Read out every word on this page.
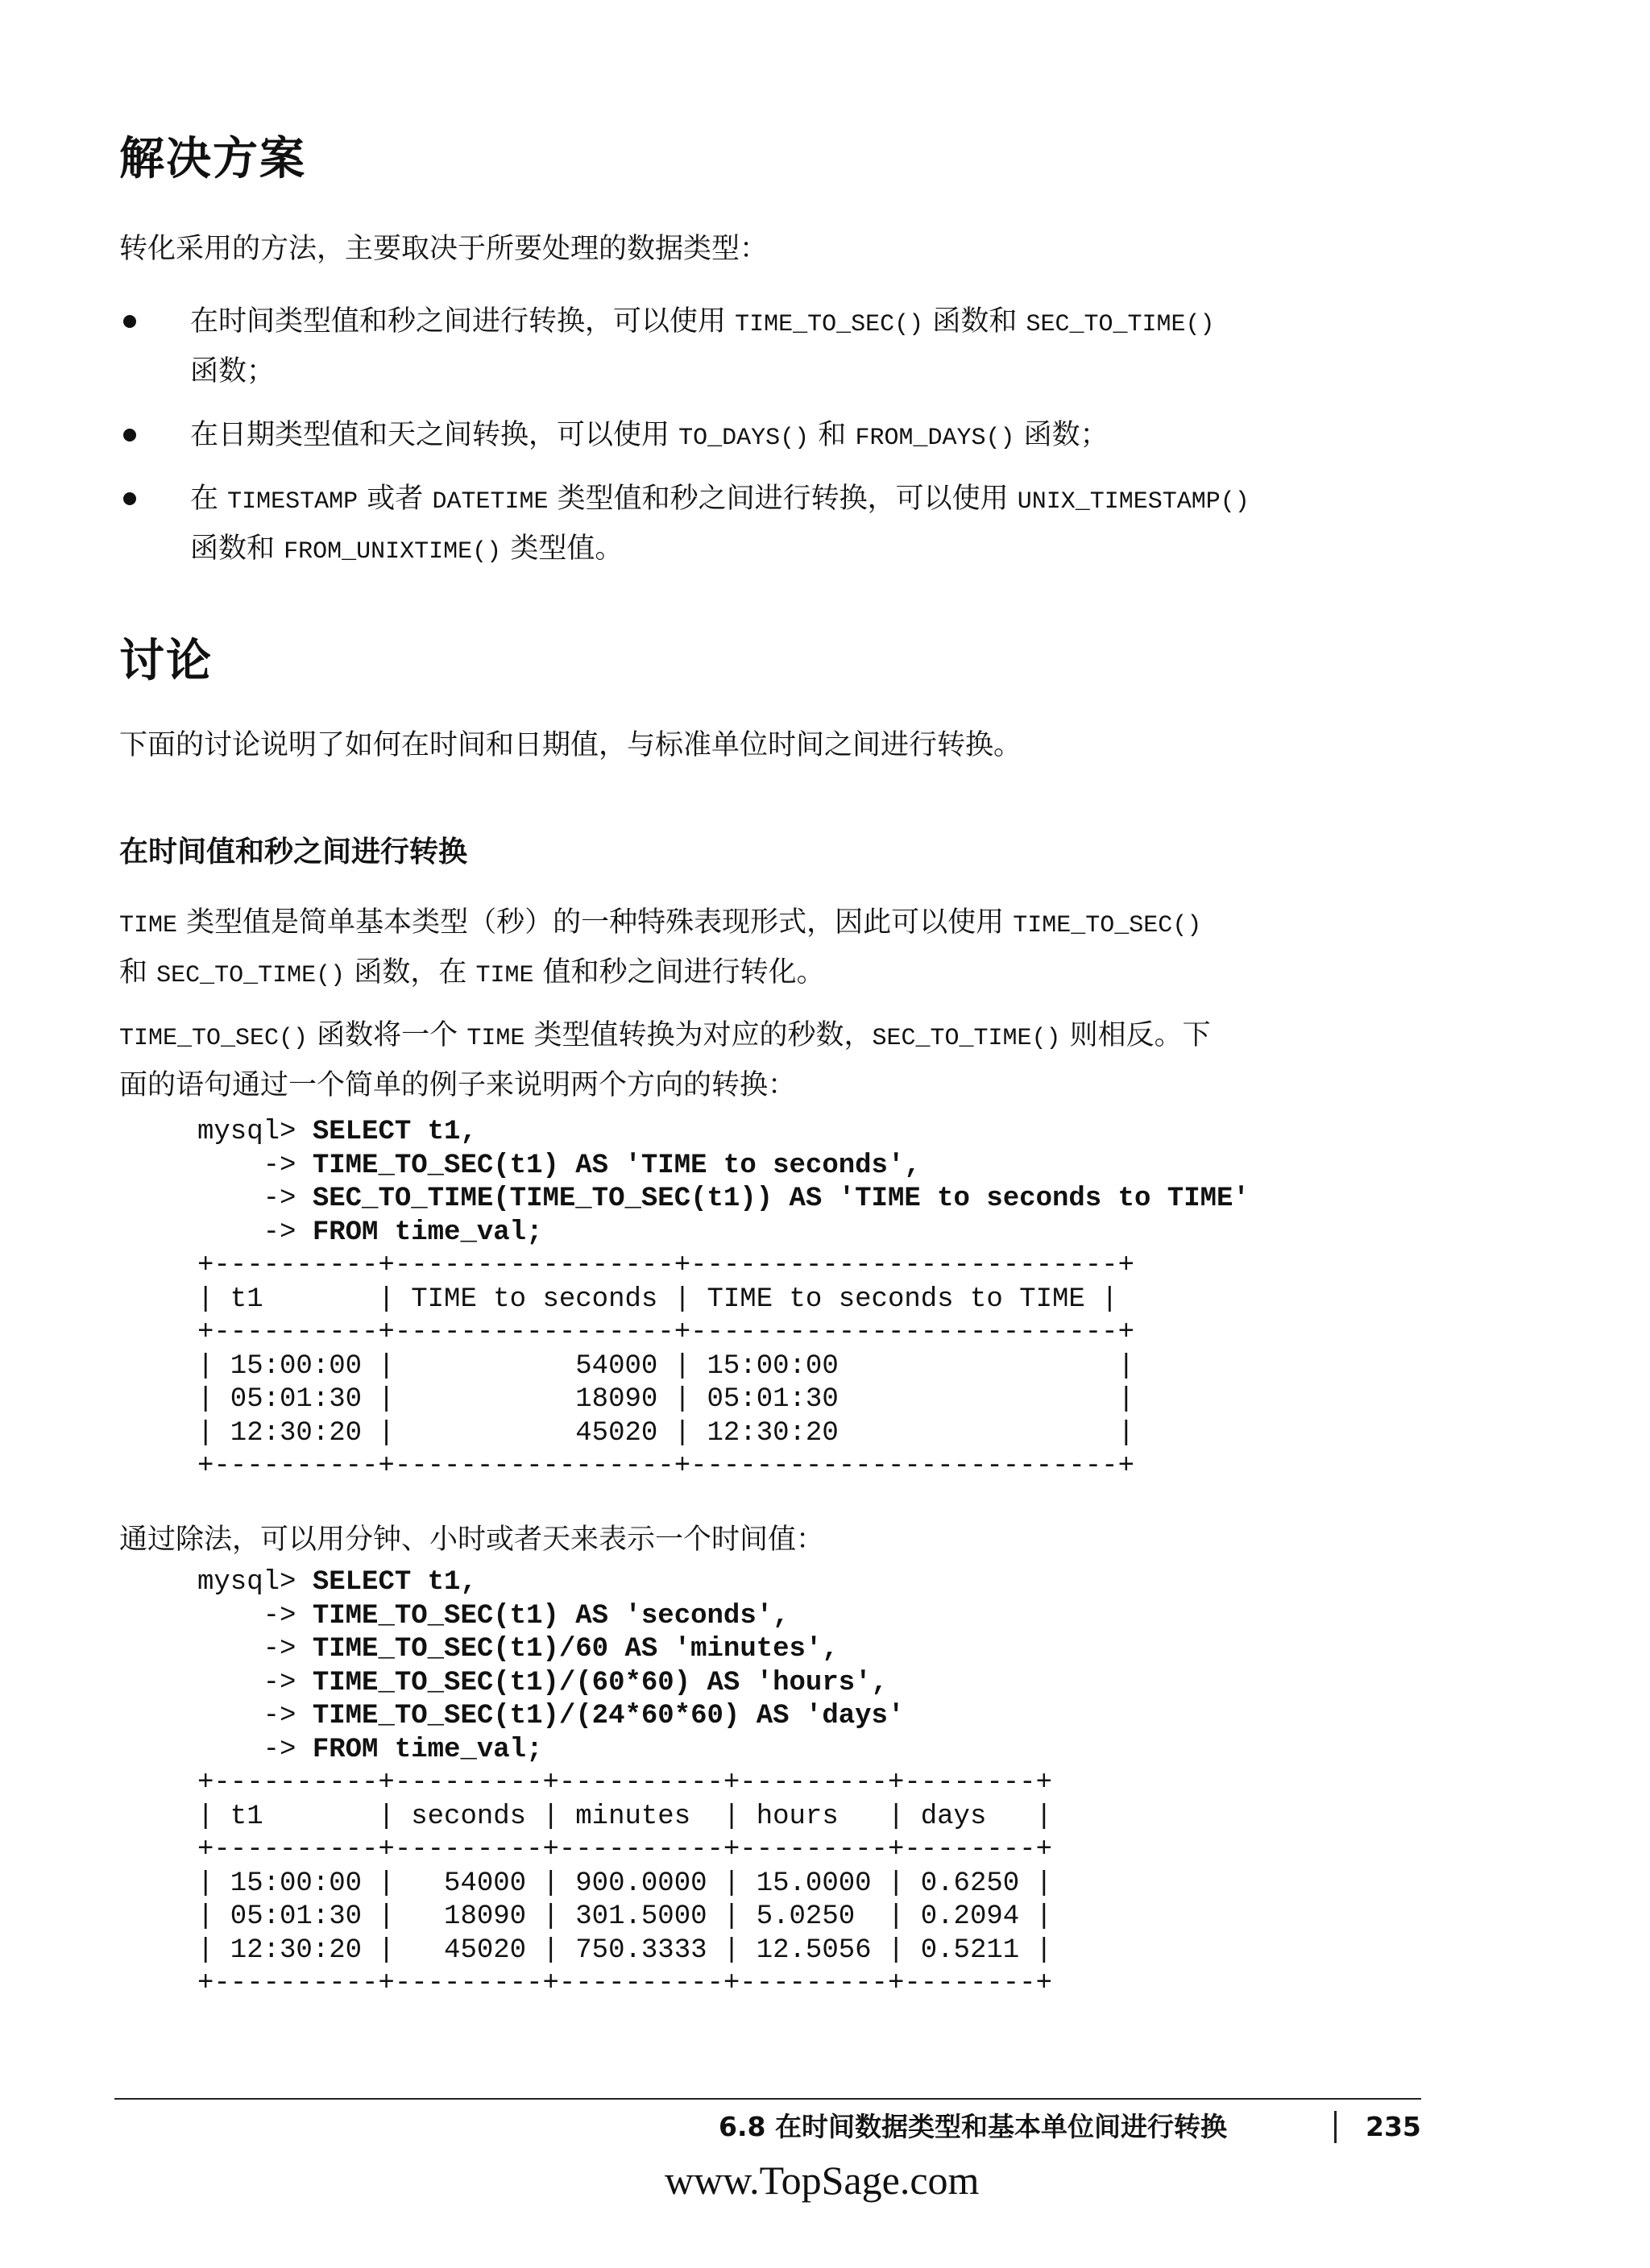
解决方案
转化采用的方法，主要取决于所要处理的数据类型：
在时间类型值和秒之间进行转换，可以使用 TIME_TO_SEC() 函数和 SEC_TO_TIME()
函数；
在日期类型值和天之间转换，可以使用 TO_DAYS() 和 FROM_DAYS() 函数；
在 TIMESTAMP 或者 DATETIME 类型值和秒之间进行转换，可以使用 UNIX_TIMESTAMP()
函数和 FROM_UNIXTIME() 类型值。
讨论
下面的讨论说明了如何在时间和日期值，与标准单位时间之间进行转换。
在时间值和秒之间进行转换
TIME 类型值是简单基本类型（秒）的一种特殊表现形式，因此可以使用 TIME_TO_SEC()
和 SEC_TO_TIME() 函数，在 TIME 值和秒之间进行转化。
TIME_TO_SEC() 函数将一个 TIME 类型值转换为对应的秒数，SEC_TO_TIME() 则相反。下
面的语句通过一个简单的例子来说明两个方向的转换：
mysql> SELECT t1,
-> TIME_TO_SEC(t1) AS 'TIME to seconds',
-> SEC_TO_TIME(TIME_TO_SEC(t1)) AS 'TIME to seconds to TIME'
-> FROM time_val;
+----------+-----------------+--------------------------+
| t1       | TIME to seconds | TIME to seconds to TIME |
+----------+-----------------+--------------------------+
| 15:00:00 |           54000 | 15:00:00                 |
| 05:01:30 |           18090 | 05:01:30                 |
| 12:30:20 |           45020 | 12:30:20                 |
+----------+-----------------+--------------------------+
通过除法，可以用分钟、小时或者天来表示一个时间值：
mysql> SELECT t1,
-> TIME_TO_SEC(t1) AS 'seconds',
-> TIME_TO_SEC(t1)/60 AS 'minutes',
-> TIME_TO_SEC(t1)/(60*60) AS 'hours',
-> TIME_TO_SEC(t1)/(24*60*60) AS 'days'
-> FROM time_val;
+----------+---------+----------+---------+--------+
| t1       | seconds | minutes  | hours   | days   |
+----------+---------+----------+---------+--------+
| 15:00:00 |   54000 | 900.0000 | 15.0000 | 0.6250 |
| 05:01:30 |   18090 | 301.5000 | 5.0250  | 0.2094 |
| 12:30:20 |   45020 | 750.3333 | 12.5056 | 0.5211 |
+----------+---------+----------+---------+--------+
6.8 在时间数据类型和基本单位间进行转换	235
www.TopSage.com
